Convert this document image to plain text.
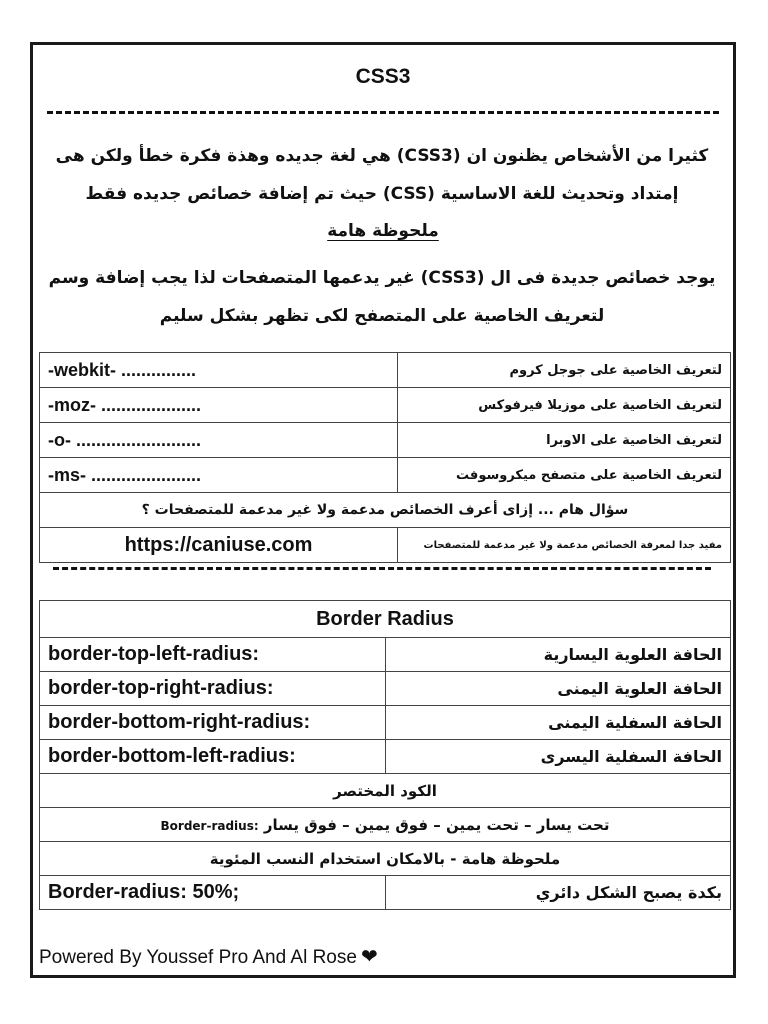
CSS3
كثيرا من الأشخاص يظنون ان (CSS3) هي لغة جديده وهذة فكرة خطأ ولكن هى
إمتداد وتحديث للغة الاساسية (CSS) حيث تم إضافة خصائص جديده فقط
ملحوظة هامة
يوجد خصائص جديدة فى ال (CSS3) غير يدعمها المتصفحات لذا يجب إضافة وسم
لتعريف الخاصية على المتصفح لكى تظهر بشكل سليم
-webkit- ...............	لتعريف الخاصية على جوجل كروم
-moz- ....................	لتعريف الخاصية على موزيلا فيرفوكس
-o- .........................	لتعريف الخاصية على الاوبرا
-ms- ......................	لتعريف الخاصية على متصفح ميكروسوفت
سؤال هام ... إزاى أعرف الخصائص مدعمة ولا غير مدعمة للمتصفحات ؟	
https://caniuse.com	مفيد جدا لمعرفة الخصائص مدعمة ولا غير مدعمة للمتصفحات
Border Radius	
border-top-left-radius:	الحافة العلوية اليسارية
border-top-right-radius:	الحافة العلوية اليمنى
border-bottom-right-radius:	الحافة السفلية اليمنى
border-bottom-left-radius:	الحافة السفلية اليسرى
الكود المختصر	
تحت يسار – تحت يمين – فوق يمين – فوق يسار Border-radius:	
ملحوظة هامة - بالامكان استخدام النسب المئوية	
Border-radius: 50%;	بكدة يصبح الشكل دائري
Powered By Youssef Pro And Al Rose ❤
